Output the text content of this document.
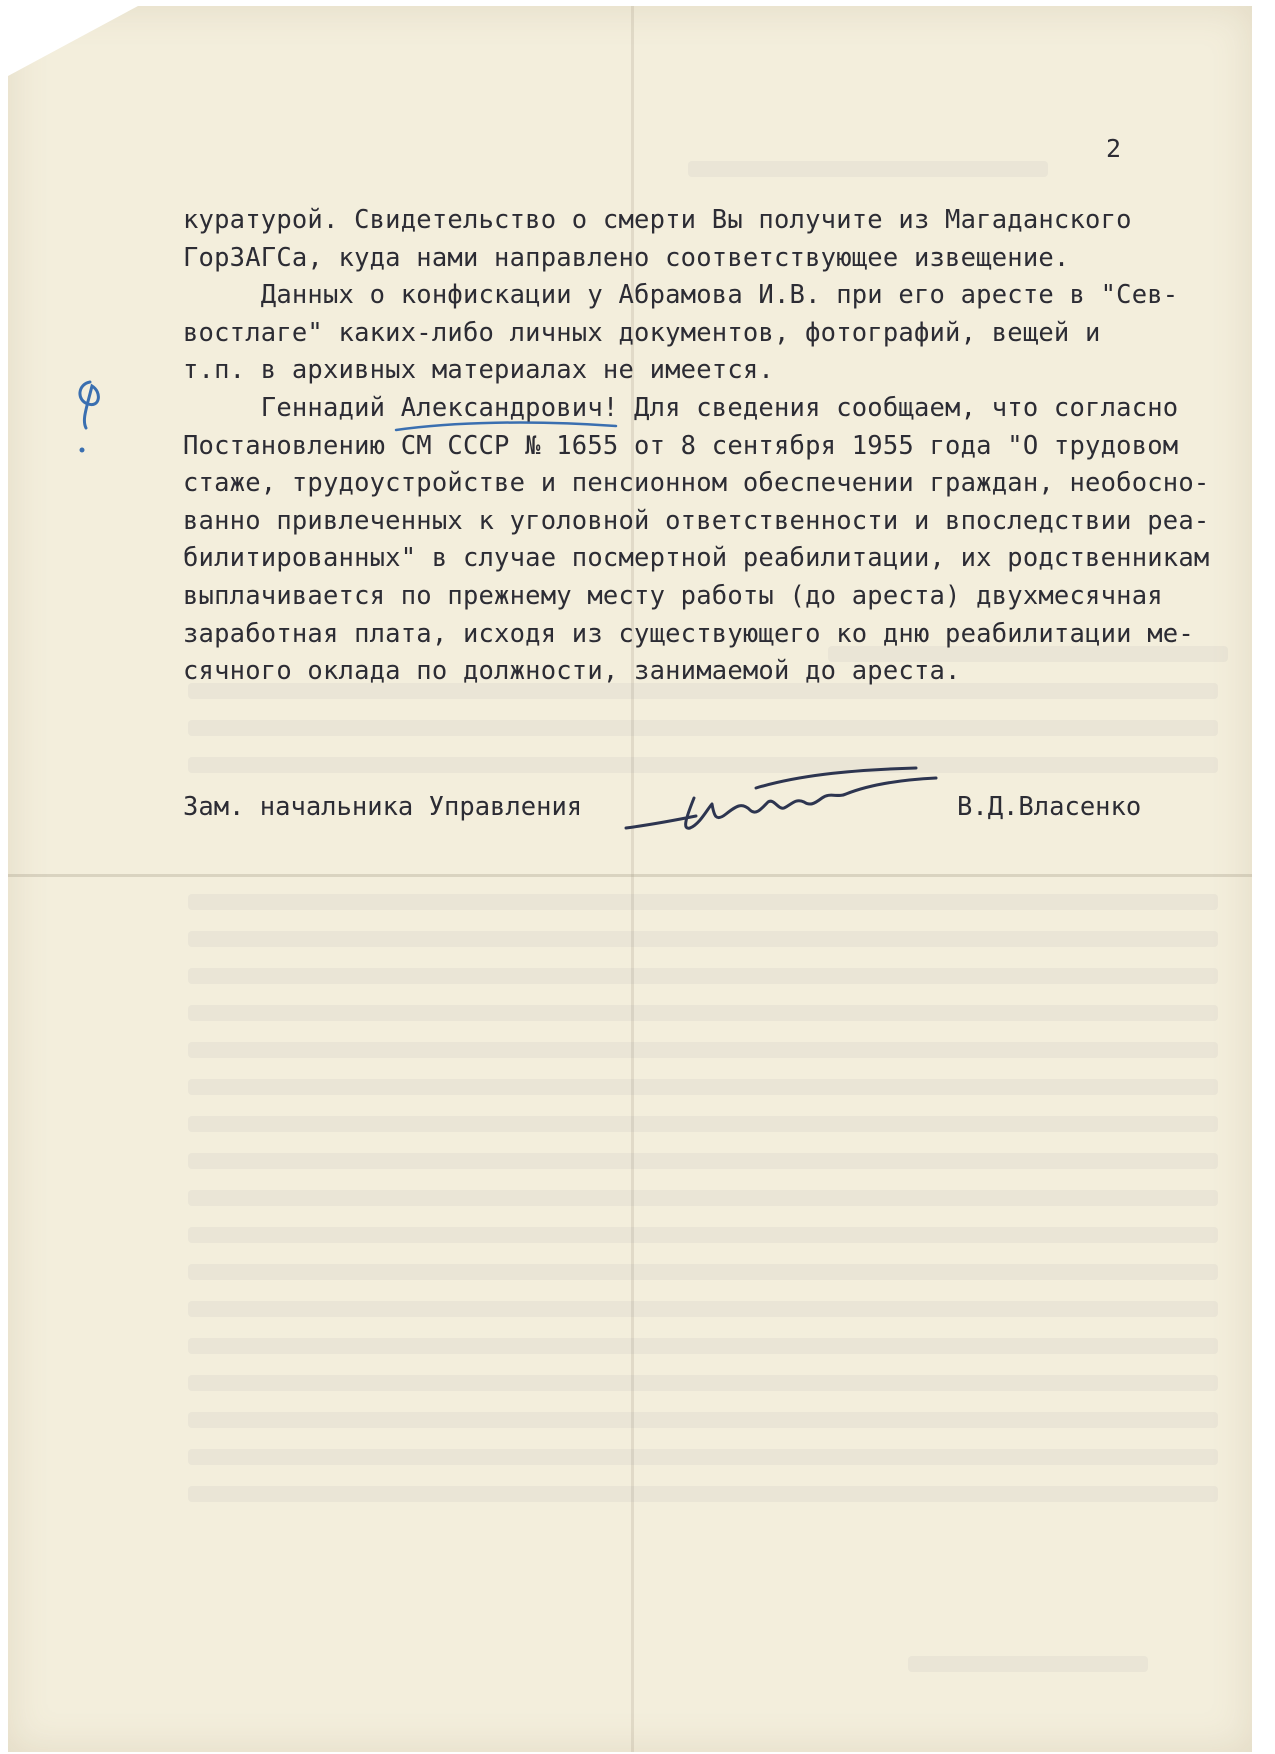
2
куратурой. Свидетельство о смерти Вы получите из Магаданского
ГорЗАГСа, куда нами направлено соответствующее извещение.
Данных о конфискации у Абрамова И.В. при его аресте в "Сев-
востлаге" каких-либо личных документов, фотографий, вещей и
т.п. в архивных материалах не имеется.
Геннадий Александрович! Для сведения сообщаем, что согласно
Постановлению СМ СССР № 1655 от 8 сентября 1955 года "О трудовом
стаже, трудоустройстве и пенсионном обеспечении граждан, необосно-
ванно привлеченных к уголовной ответственности и впоследствии реа-
билитированных" в случае посмертной реабилитации, их родственникам
выплачивается по прежнему месту работы (до ареста) двухмесячная
заработная плата, исходя из существующего ко дню реабилитации ме-
сячного оклада по должности, занимаемой до ареста.
Зам. начальника Управления	В.Д.Власенко
